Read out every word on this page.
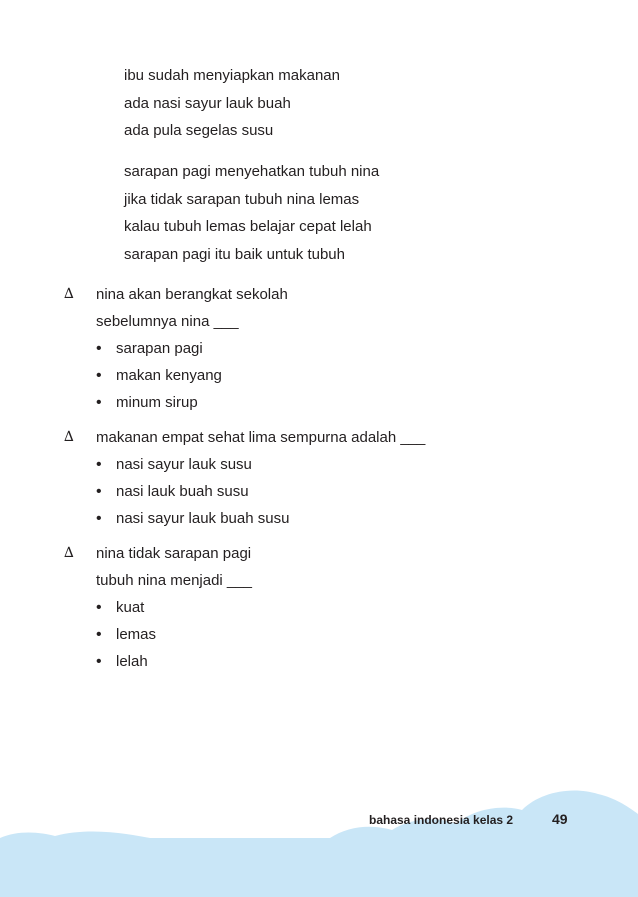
ibu sudah menyiapkan makanan
ada nasi sayur lauk buah
ada pula segelas susu
sarapan pagi menyehatkan tubuh nina
jika tidak sarapan tubuh nina lemas
kalau tubuh lemas belajar cepat lelah
sarapan pagi itu baik untuk tubuh
∆ nina akan berangkat sekolah
sebelumnya nina ___
• sarapan pagi
• makan kenyang
• minum sirup
∆ makanan empat sehat lima sempurna adalah ___
• nasi sayur lauk susu
• nasi lauk buah susu
• nasi sayur lauk buah susu
∆ nina tidak sarapan pagi
tubuh nina menjadi ___
• kuat
• lemas
• lelah
bahasa indonesia kelas 2	49
